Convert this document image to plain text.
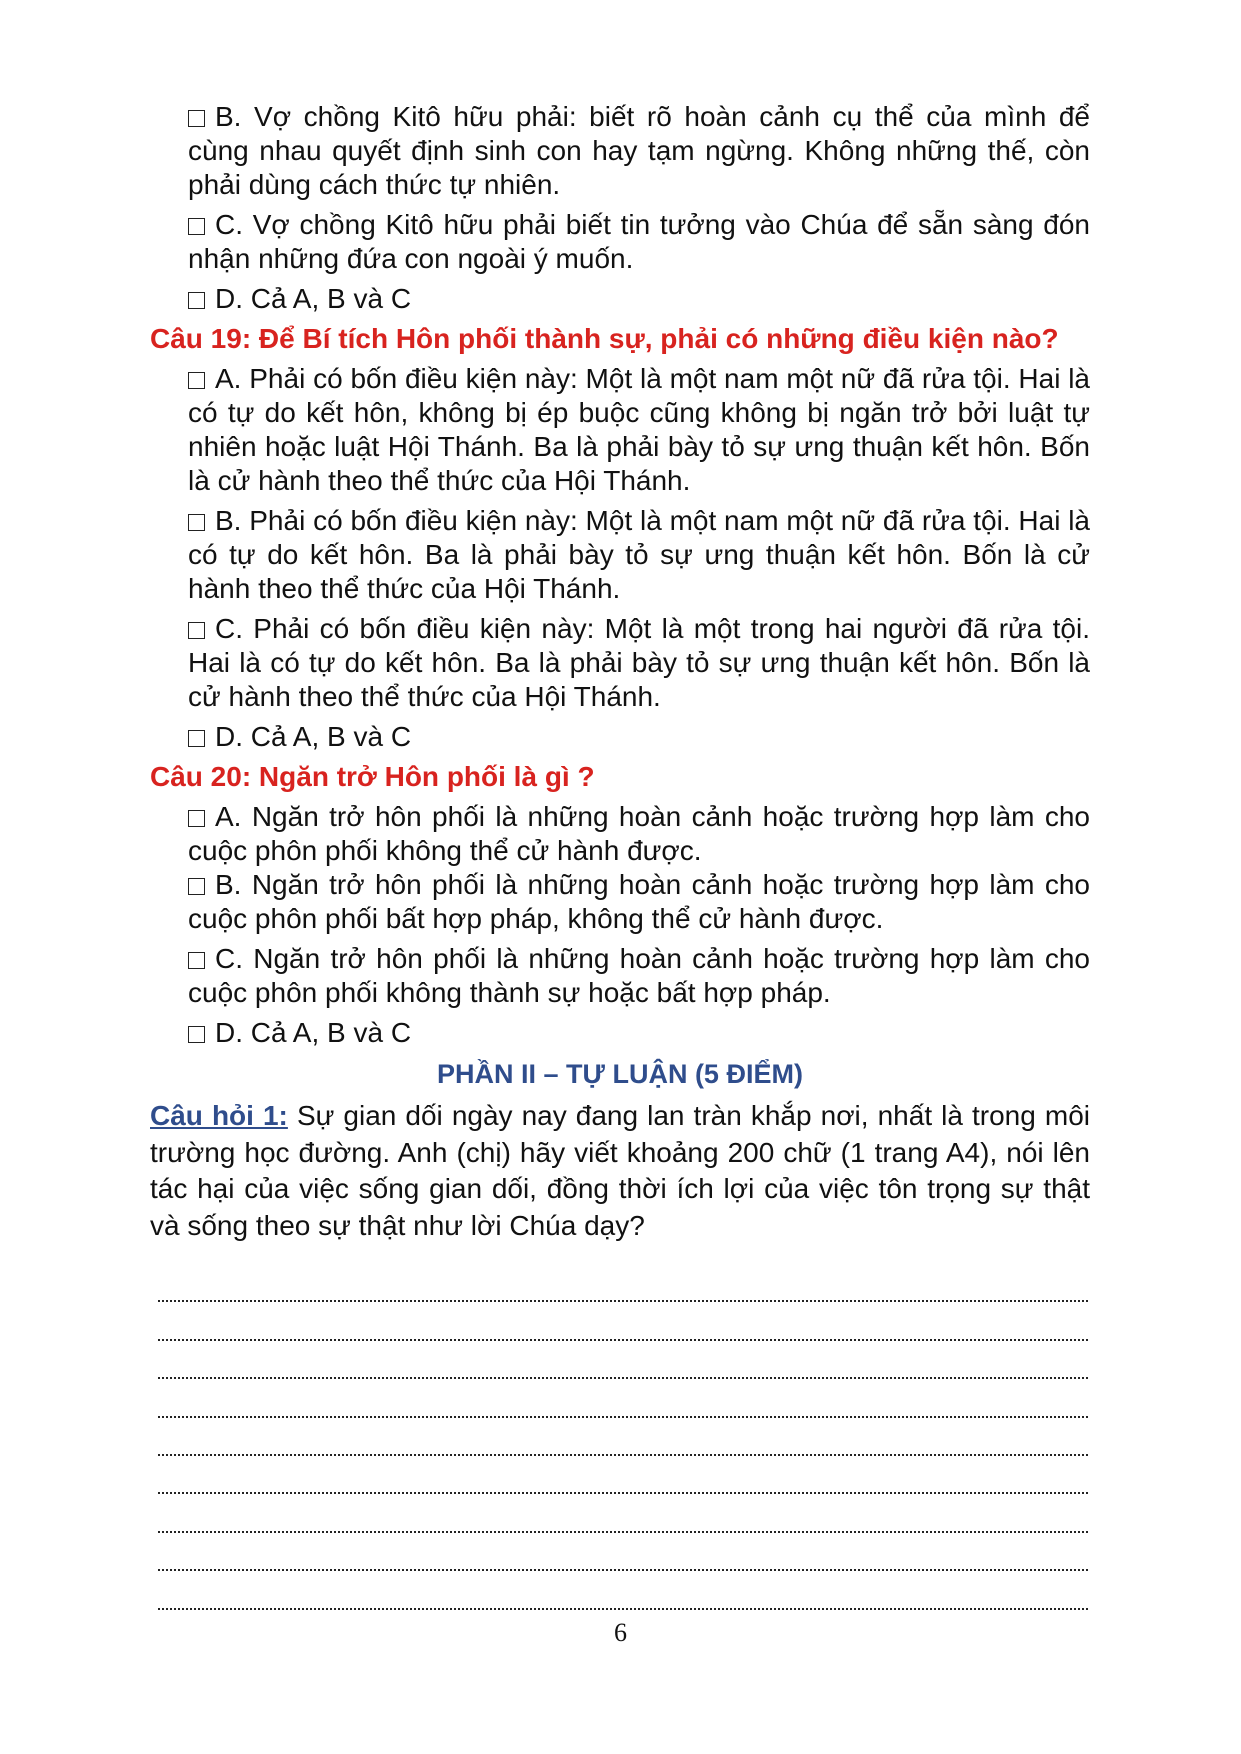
B. Vợ chồng Kitô hữu phải: biết rõ hoàn cảnh cụ thể của mình để cùng nhau quyết định sinh con hay tạm ngừng. Không những thế, còn phải dùng cách thức tự nhiên.
C. Vợ chồng Kitô hữu phải biết tin tưởng vào Chúa để sẵn sàng đón nhận những đứa con ngoài ý muốn.
D. Cả A, B và C
Câu 19: Để Bí tích Hôn phối thành sự, phải có những điều kiện nào?
A. Phải có bốn điều kiện này: Một là một nam một nữ đã rửa tội. Hai là có tự do kết hôn, không bị ép buộc cũng không bị ngăn trở bởi luật tự nhiên hoặc luật Hội Thánh. Ba là phải bày tỏ sự ưng thuận kết hôn. Bốn là cử hành theo thể thức của Hội Thánh.
B. Phải có bốn điều kiện này: Một là một nam một nữ đã rửa tội. Hai là có tự do kết hôn. Ba là phải bày tỏ sự ưng thuận kết hôn. Bốn là cử hành theo thể thức của Hội Thánh.
C. Phải có bốn điều kiện này: Một là một trong hai người đã rửa tội. Hai là có tự do kết hôn. Ba là phải bày tỏ sự ưng thuận kết hôn. Bốn là cử hành theo thể thức của Hội Thánh.
D. Cả A, B và C
Câu 20: Ngăn trở Hôn phối là gì ?
A. Ngăn trở hôn phối là những hoàn cảnh hoặc trường hợp làm cho cuộc phôn phối không thể cử hành được.
B. Ngăn trở hôn phối là những hoàn cảnh hoặc trường hợp làm cho cuộc phôn phối bất hợp pháp, không thể cử hành được.
C. Ngăn trở hôn phối là những hoàn cảnh hoặc trường hợp làm cho cuộc phôn phối không thành sự hoặc bất hợp pháp.
D. Cả A, B và C
PHẦN II – TỰ LUẬN (5 ĐIỂM)
Câu hỏi 1: Sự gian dối ngày nay đang lan tràn khắp nơi, nhất là trong môi trường học đường. Anh (chị) hãy viết khoảng 200 chữ (1 trang A4), nói lên tác hại của việc sống gian dối, đồng thời ích lợi của việc tôn trọng sự thật và sống theo sự thật như lời Chúa dạy?
6
